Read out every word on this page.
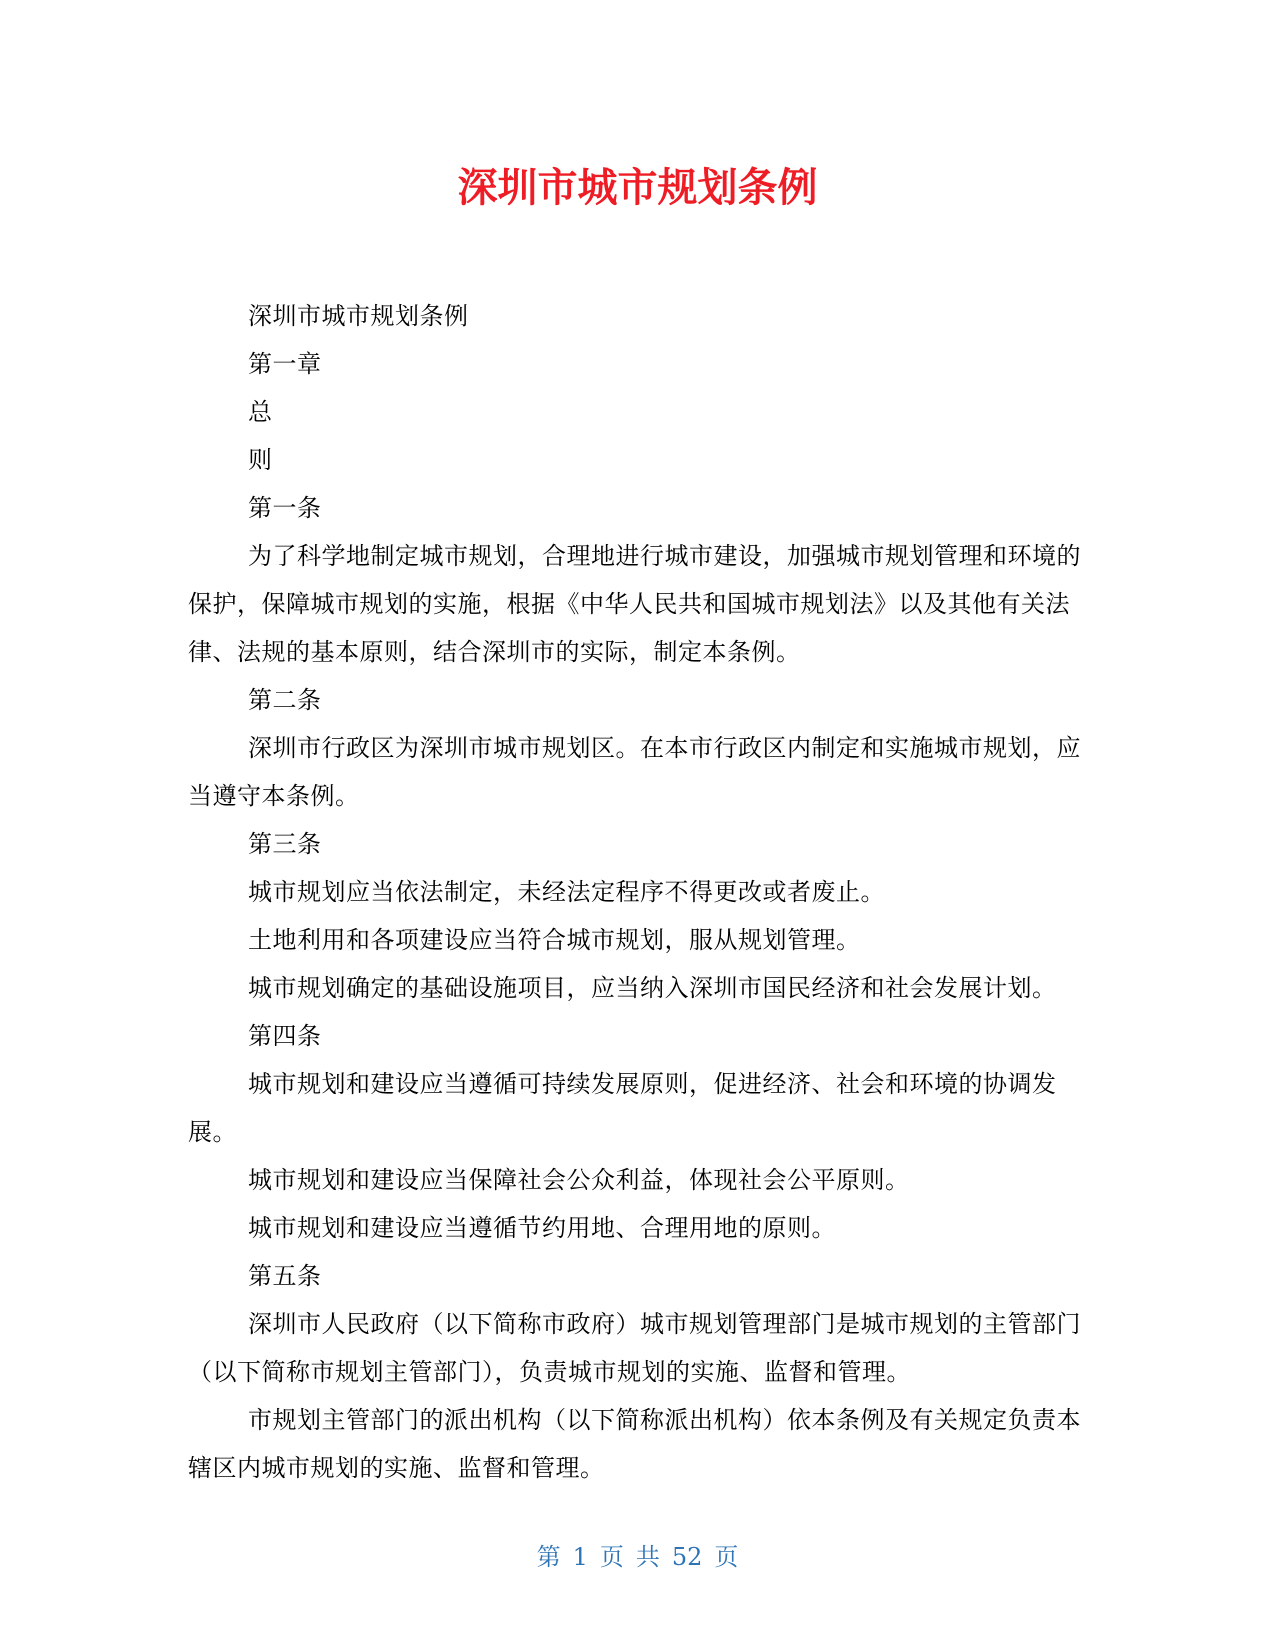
深圳市城市规划条例

深圳市城市规划条例

第一章

总

则

第一条

为了科学地制定城市规划，合理地进行城市建设，加强城市规划管理和环境的保护，保障城市规划的实施，根据《中华人民共和国城市规划法》以及其他有关法律、法规的基本原则，结合深圳市的实际，制定本条例。

第二条

深圳市行政区为深圳市城市规划区。在本市行政区内制定和实施城市规划，应当遵守本条例。

第三条

城市规划应当依法制定，未经法定程序不得更改或者废止。

土地利用和各项建设应当符合城市规划，服从规划管理。

城市规划确定的基础设施项目，应当纳入深圳市国民经济和社会发展计划。

第四条

城市规划和建设应当遵循可持续发展原则，促进经济、社会和环境的协调发展。

城市规划和建设应当保障社会公众利益，体现社会公平原则。

城市规划和建设应当遵循节约用地、合理用地的原则。

第五条

深圳市人民政府（以下简称市政府）城市规划管理部门是城市规划的主管部门（以下简称市规划主管部门），负责城市规划的实施、监督和管理。

市规划主管部门的派出机构（以下简称派出机构）依本条例及有关规定负责本辖区内城市规划的实施、监督和管理。

第 1 页 共 52 页
